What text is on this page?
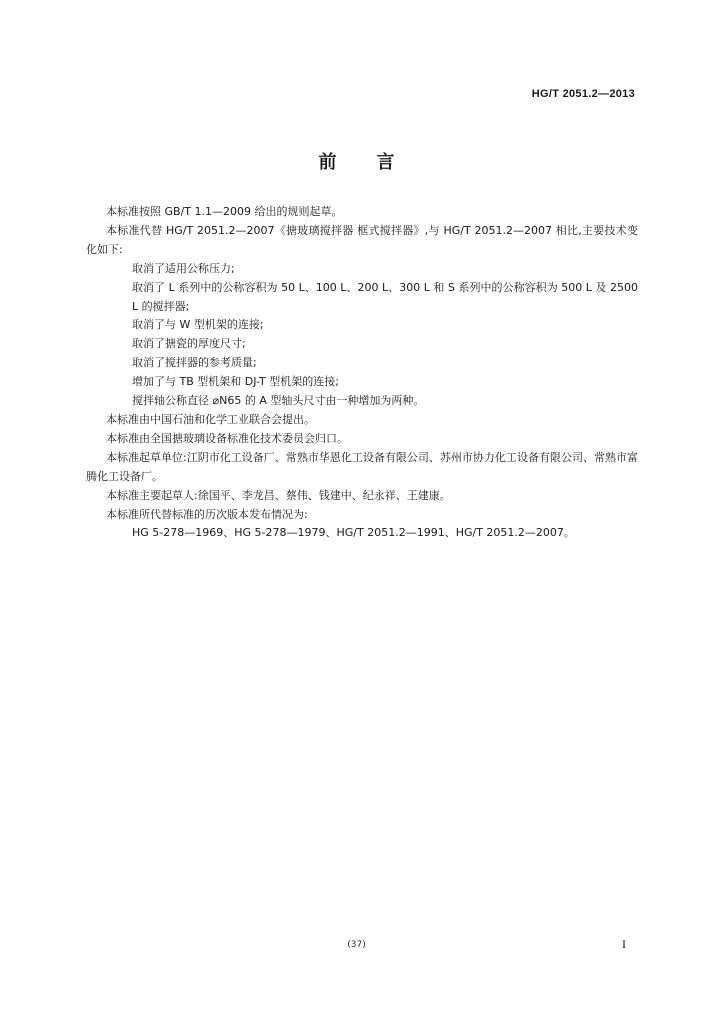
HG/T 2051.2—2013
前言

本标准按照 GB/T 1.1—2009 给出的规则起草。

本标准代替 HG/T 2051.2—2007《搪玻璃搅拌器 框式搅拌器》,与 HG/T 2051.2—2007 相比,主要技术变化如下:

取消了适用公称压力;

取消了 L 系列中的公称容积为 50 L、100 L、200 L、300 L 和 S 系列中的公称容积为 500 L 及 2500 L 的搅拌器;

取消了与 W 型机架的连接;

取消了搪瓷的厚度尺寸;

取消了搅拌器的参考质量;

增加了与 TB 型机架和 DJ-T 型机架的连接;

搅拌轴公称直径 ⌀N65 的 A 型轴头尺寸由一种增加为两种。

本标准由中国石油和化学工业联合会提出。

本标准由全国搪玻璃设备标准化技术委员会归口。

本标准起草单位:江阴市化工设备厂、常熟市华恩化工设备有限公司、苏州市协力化工设备有限公司、常熟市富腾化工设备厂。

本标准主要起草人:徐国平、李龙昌、蔡伟、钱建中、纪永祥、王建康。

本标准所代替标准的历次版本发布情况为:

HG 5-278—1969、HG 5-278—1979、HG/T 2051.2—1991、HG/T 2051.2—2007。

(37)	I
